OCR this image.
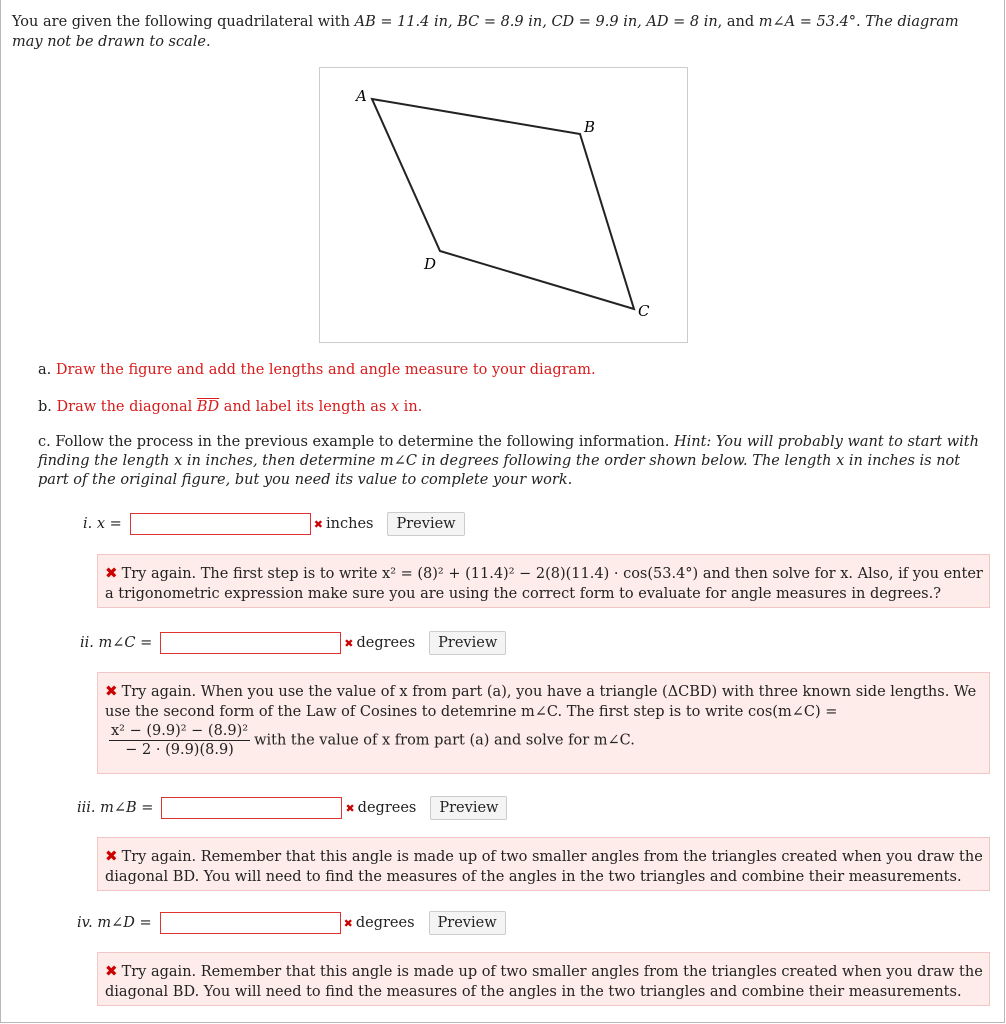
You are given the following quadrilateral with AB = 11.4 in, BC = 8.9 in, CD = 9.9 in, AD = 8 in, and m∠A = 53.4°. The diagram may not be drawn to scale.
A
B
C
D
a. Draw the figure and add the lengths and angle measure to your diagram.
b. Draw the diagonal $\overline{BD}$ and label its length as x in.
c. Follow the process in the previous example to determine the following information. Hint: You will probably want to start with finding the length x in inches, then determine m∠C in degrees following the order shown below. The length x in inches is not part of the original figure, but you need its value to complete your work.
i. x =	✖ inches	Preview
✖ Try again. The first step is to write x² = (8)² + (11.4)² − 2(8)(11.4) · cos(53.4°) and then solve for x. Also, if you enter a trigonometric expression make sure you are using the correct form to evaluate for angle measures in degrees.?
ii. m∠C =	✖ degrees	Preview
✖ Try again. When you use the value of x from part (a), you have a triangle (ΔCBD) with three known side lengths. We use the second form of the Law of Cosines to detemrine m∠C. The first step is to write cos(m∠C) =
$\frac{\text{x² − (9.9)² − (8.9)²}}{- 2 \cdot (9.9)(8.9)}$ with the value of x from part (a) and solve for m∠C.
iii. m∠B =	✖ degrees	Preview
✖ Try again. Remember that this angle is made up of two smaller angles from the triangles created when you draw the diagonal BD. You will need to find the measures of the angles in the two triangles and combine their measurements.
iv. m∠D =	✖ degrees	Preview
✖ Try again. Remember that this angle is made up of two smaller angles from the triangles created when you draw the diagonal BD. You will need to find the measures of the angles in the two triangles and combine their measurements.
